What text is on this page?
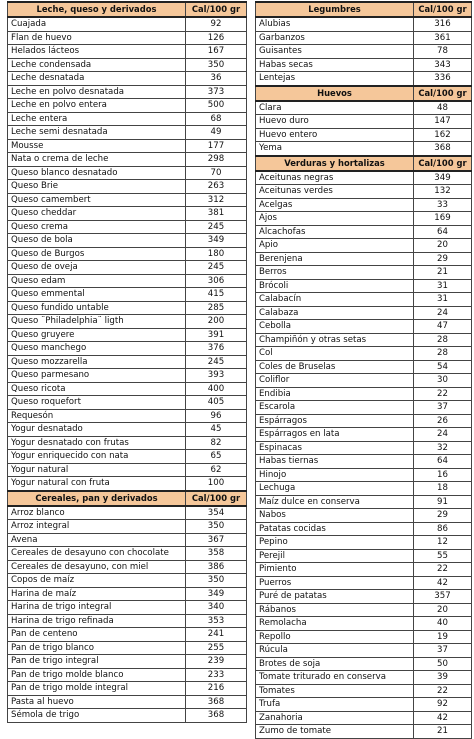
Leche, queso y derivados	Cal/100 gr
Cuajada	92
Flan de huevo	126
Helados lácteos	167
Leche condensada	350
Leche desnatada	36
Leche en polvo desnatada	373
Leche en polvo entera	500
Leche entera	68
Leche semi desnatada	49
Mousse	177
Nata o crema de leche	298
Queso blanco desnatado	70
Queso Brie	263
Queso camembert	312
Queso cheddar	381
Queso crema	245
Queso de bola	349
Queso de Burgos	180
Queso de oveja	245
Queso edam	306
Queso emmental	415
Queso fundido untable	285
Queso ¨Philadelphia¨ ligth	200
Queso gruyere	391
Queso manchego	376
Queso mozzarella	245
Queso parmesano	393
Queso ricota	400
Queso roquefort	405
Requesón	96
Yogur desnatado	45
Yogur desnatado con frutas	82
Yogur enriquecido con nata	65
Yogur natural	62
Yogur natural con fruta	100
Cereales, pan y derivados	Cal/100 gr
Arroz blanco	354
Arroz integral	350
Avena	367
Cereales de desayuno con chocolate	358
Cereales de desayuno, con miel	386
Copos de maíz	350
Harina de maíz	349
Harina de trigo integral	340
Harina de trigo refinada	353
Pan de centeno	241
Pan de trigo blanco	255
Pan de trigo integral	239
Pan de trigo molde blanco	233
Pan de trigo molde integral	216
Pasta al huevo	368
Sémola de trigo	368
Legumbres	Cal/100 gr
Alubias	316
Garbanzos	361
Guisantes	78
Habas secas	343
Lentejas	336
Huevos	Cal/100 gr
Clara	48
Huevo duro	147
Huevo entero	162
Yema	368
Verduras y hortalizas	Cal/100 gr
Aceitunas negras	349
Aceitunas verdes	132
Acelgas	33
Ajos	169
Alcachofas	64
Apio	20
Berenjena	29
Berros	21
Brócoli	31
Calabacín	31
Calabaza	24
Cebolla	47
Champiñón y otras setas	28
Col	28
Coles de Bruselas	54
Coliflor	30
Endibia	22
Escarola	37
Espárragos	26
Espárragos en lata	24
Espinacas	32
Habas tiernas	64
Hinojo	16
Lechuga	18
Maíz dulce en conserva	91
Nabos	29
Patatas cocidas	86
Pepino	12
Perejil	55
Pimiento	22
Puerros	42
Puré de patatas	357
Rábanos	20
Remolacha	40
Repollo	19
Rúcula	37
Brotes de soja	50
Tomate triturado en conserva	39
Tomates	22
Trufa	92
Zanahoria	42
Zumo de tomate	21
